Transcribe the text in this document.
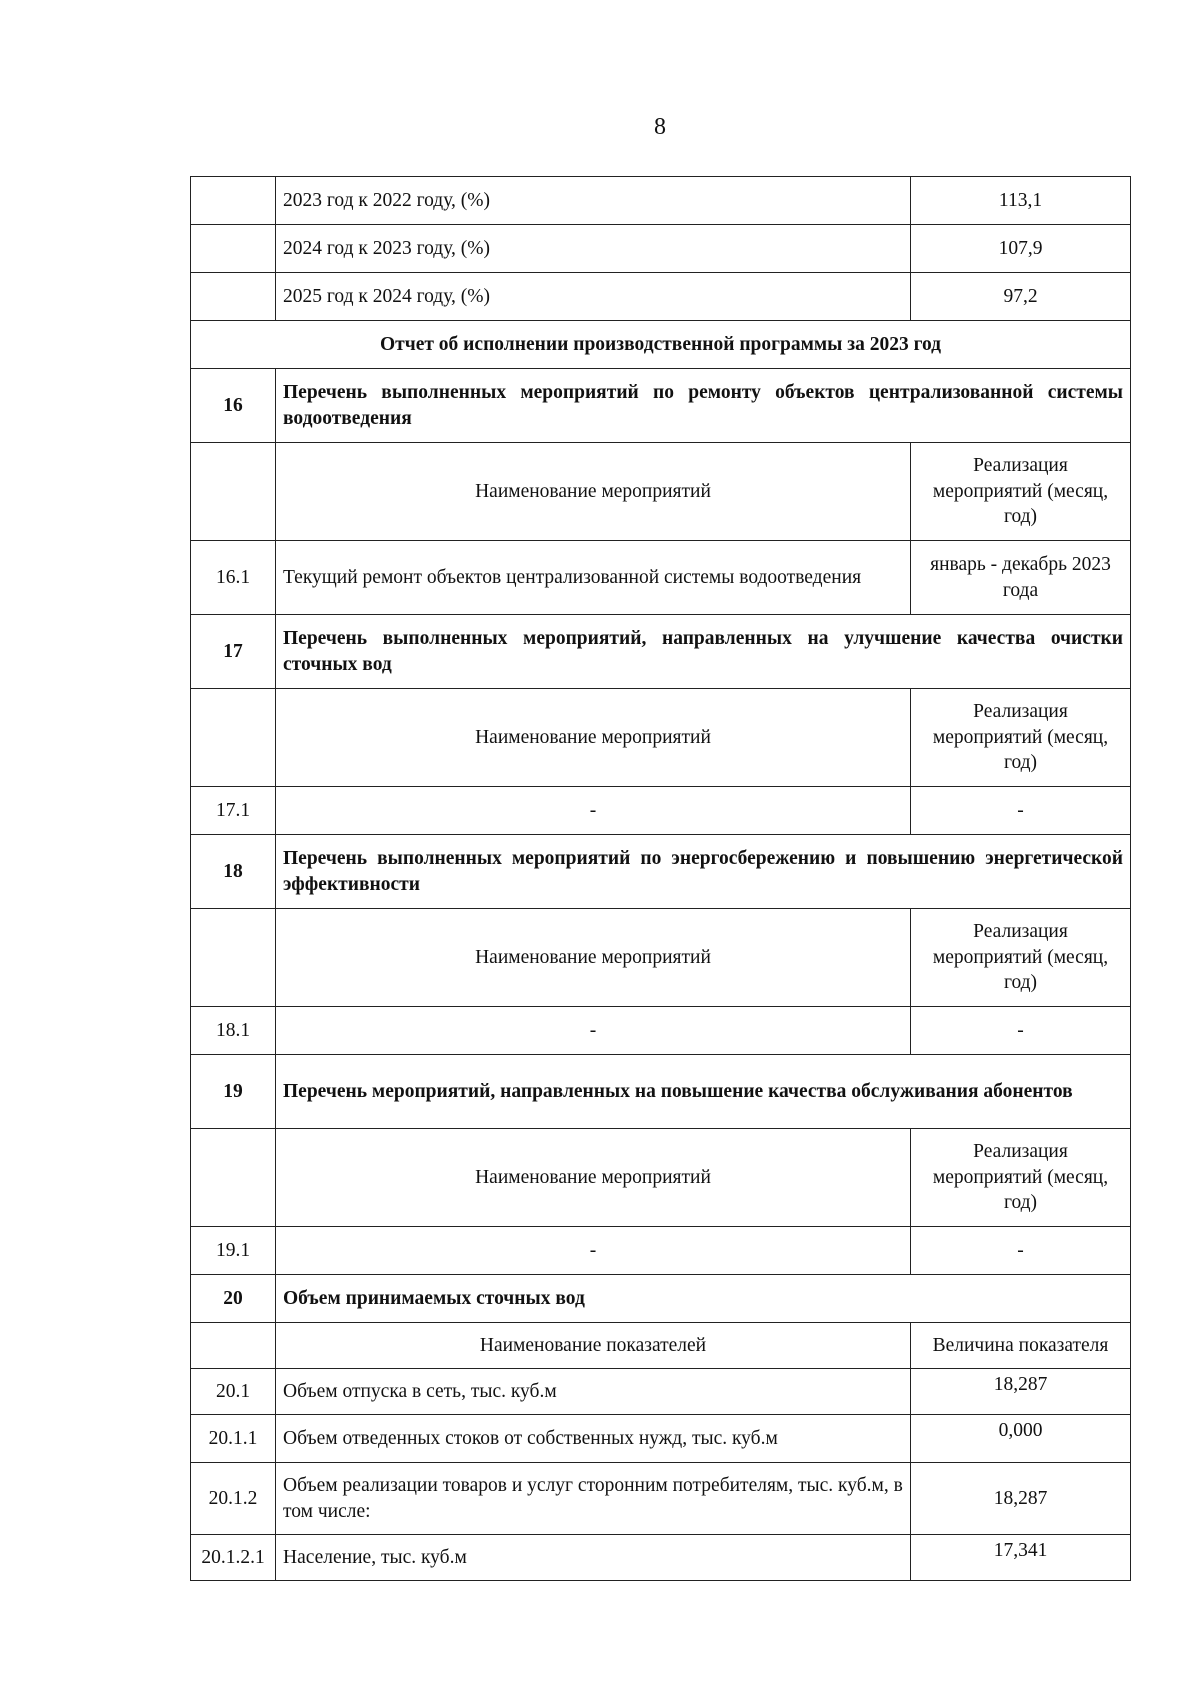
8
	2023 год к 2022 году, (%)	113,1
	2024 год к 2023 году, (%)	107,9
	2025 год к 2024 году, (%)	97,2
Отчет об исполнении производственной программы за 2023 год		
16	Перечень выполненных мероприятий по ремонту объектов централизованной системы водоотведения	
	Наименование мероприятий	Реализация мероприятий (месяц, год)
16.1	Текущий ремонт объектов централизованной системы водоотведения	январь - декабрь 2023 года
17	Перечень выполненных мероприятий, направленных на улучшение качества очистки сточных вод	
	Наименование мероприятий	Реализация мероприятий (месяц, год)
17.1	-	-
18	Перечень выполненных мероприятий по энергосбережению и повышению энергетической эффективности	
	Наименование мероприятий	Реализация мероприятий (месяц, год)
18.1	-	-
19	Перечень мероприятий, направленных на повышение качества обслуживания абонентов	
	Наименование мероприятий	Реализация мероприятий (месяц, год)
19.1	-	-
20	Объем принимаемых сточных вод	
	Наименование показателей	Величина показателя
20.1	Объем отпуска в сеть, тыс. куб.м	18,287
20.1.1	Объем отведенных стоков от собственных нужд, тыс. куб.м	0,000
20.1.2	Объем реализации товаров и услуг сторонним потребителям, тыс. куб.м, в том числе:	18,287
20.1.2.1	Население, тыс. куб.м	17,341
